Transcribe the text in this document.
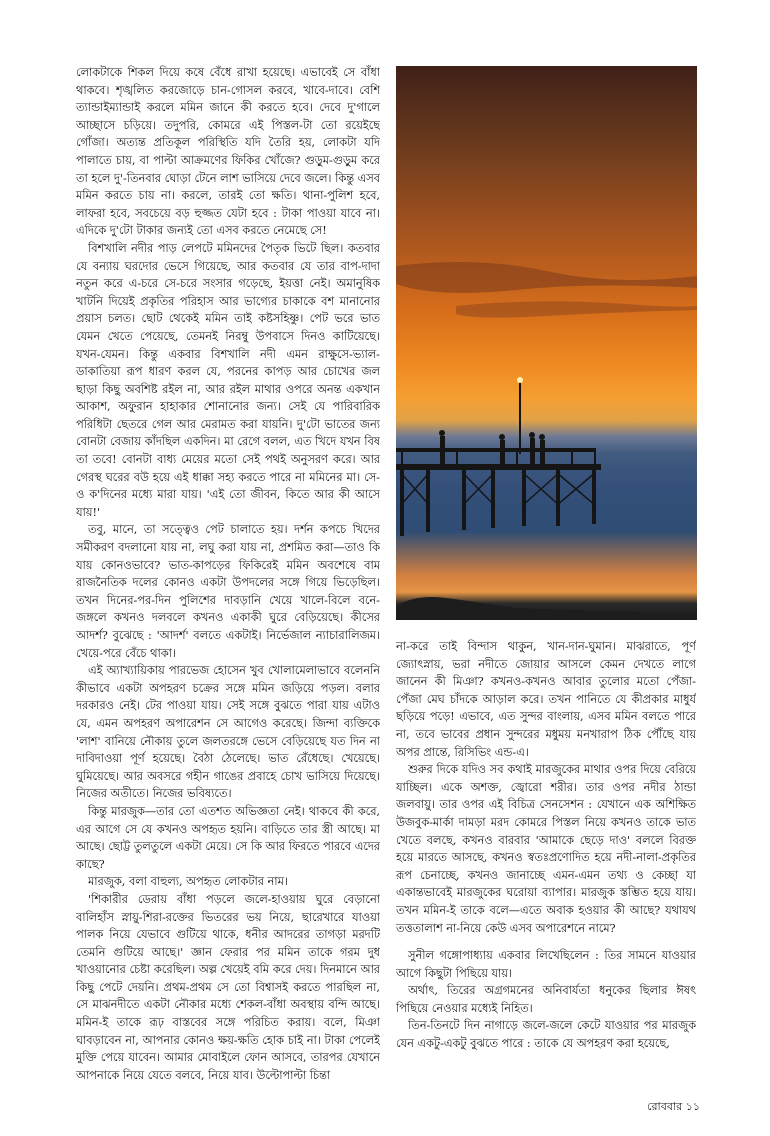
লোকটাকে শিকল দিয়ে কষে বেঁধে রাখা হয়েছে। এভাবেই সে বাঁধা থাকবে। শৃঙ্খলিত করজোড়ে চান-গোসল করবে, খাবে-দাবে। বেশি ত্যান্ডাইম্যান্ডাই করলে মমিন জানে কী করতে হবে। দেবে দু'গালে আচ্ছাসে চড়িয়ে। তদুপরি, কোমরে এই পিস্তল-টা তো রয়েইছে গোঁজা। অত্যন্ত প্রতিকূল পরিস্থিতি যদি তৈরি হয়, লোকটা যদি পালাতে চায়, বা পাল্টা আক্রমণের ফিকির খোঁজে? গুড়ুম-গুড়ুম করে তা হলে দু'-তিনবার ঘোড়া টেনে লাশ ভাসিয়ে দেবে জলে। কিন্তু এসব মমিন করতে চায় না। করলে, তারই তো ক্ষতি। থানা-পুলিশ হবে, লাফরা হবে, সবচেয়ে বড় হুজ্জত যেটা হবে : টাকা পাওয়া যাবে না। এদিকে দু'টো টাকার জন্যই তো এসব করতে নেমেছে সে!

বিশখালি নদীর পাড় লেপটে মমিনদের পৈতৃক ভিটে ছিল। কতবার যে বন্যায় ঘরদোর ভেসে গিয়েছে, আর কতবার যে তার বাপ-দাদা নতুন করে এ-চরে সে-চরে সংসার গড়েছে, ইয়ত্তা নেই। অমানুষিক খাটনি দিয়েই প্রকৃতির পরিহাস আর ভাগ্যের চাকাকে বশ মানানোর প্রয়াস চলত। ছোট থেকেই মমিন তাই কষ্টসহিষ্ণু। পেট ভরে ভাত যেমন খেতে পেয়েছে, তেমনই নিরম্বু উপবাসে দিনও কাটিয়েছে। যখন-যেমন। কিন্তু একবার বিশখালি নদী এমন রাক্ষুসে-ভ্যাল-ডাকাতিয়া রূপ ধারণ করল যে, পরনের কাপড় আর চোখের জল ছাড়া কিছু অবশিষ্ট রইল না, আর রইল মাথার ওপরে অনন্ত একখান আকাশ, অফুরান হাহাকার শোনানোর জন্য। সেই যে পারিবারিক পরিধিটা ছেতরে গেল আর মেরামত করা যায়নি। দু'টো ভাতের জন্য বোনটা বেজায় কাঁদছিল একদিন। মা রেগে বলল, এত খিদে যখন বিষ তা তবে! বোনটা বাধ্য মেয়ের মতো সেই পথই অনুসরণ করে। আর গেরস্থ ঘরের বউ হয়ে এই ধাক্কা সহ্য করতে পারে না মমিনের মা। সে-ও ক'দিনের মধ্যে মারা যায়। 'এই তো জীবন, কিতে আর কী আসে যায়!'

তবু, মানে, তা সত্ত্বেও পেট চালাতে হয়। দর্শন কপচে খিদের সমীকরণ বদলানো যায় না, লঘু করা যায় না, প্রশমিত করা—তাও কি যায় কোনওভাবে? ভাত-কাপড়ের ফিকিরেই মমিন অবশেষে বাম রাজনৈতিক দলের কোনও একটা উপদলের সঙ্গে গিয়ে ভিড়েছিল। তখন দিনের-পর-দিন পুলিশের দাবড়ানি খেয়ে খালে-বিলে বনে-জঙ্গলে কখনও দলবলে কখনও একাকী ঘুরে বেড়িয়েছে। কীসের আদর্শ? বুঝেছে : 'আদর্শ' বলতে একটাই। নির্ভেজাল ন্যাচারালিজম। খেয়ে-পরে বেঁচে থাকা।

এই অ্যাখ্যায়িকায় পারভেজ হোসেন খুব খোলামেলাভাবে বলেননি কীভাবে একটা অপহরণ চক্রের সঙ্গে মমিন জড়িয়ে পড়ল। বলার দরকারও নেই। টের পাওয়া যায়। সেই সঙ্গে বুঝতে পারা যায় এটাও যে, এমন অপহরণ অপারেশন সে আগেও করেছে। জিন্দা ব্যক্তিকে 'লাশ' বানিয়ে নৌকায় তুলে জলতরঙ্গে ভেসে বেড়িয়েছে যত দিন না দাবিদাওয়া পূর্ণ হয়েছে। বৈঠা ঠেলেছে। ভাত রেঁধেছে। খেয়েছে। ঘুমিয়েছে। আর অবসরে গহীন গাঙের প্রবাহে চোখ ভাসিয়ে দিয়েছে। নিজের অতীতে। নিজের ভবিষ্যতে।

কিন্তু মারজুক—তার তো এতশত অভিজ্ঞতা নেই। থাকবে কী করে, এর আগে সে যে কখনও অপহৃত হয়নি। বাড়িতে তার স্ত্রী আছে। মা আছে। ছোট্ট তুলতুলে একটা মেয়ে। সে কি আর ফিরতে পারবে এদের কাছে?

মারজুক, বলা বাহুল্য, অপহৃত লোকটার নাম।

'শিকারীর ডেরায় বাঁধা পড়লে জলে-হাওয়ায় ঘুরে বেড়ানো বালিহাঁস স্নায়ু-শিরা-রক্তের ভিতরের ভয় নিয়ে, ছারেখারে যাওয়া পালক নিয়ে যেভাবে গুটিয়ে থাকে, ধনীর আদরের তাগড়া মরদটি তেমনি গুটিয়ে আছে।' জ্ঞান ফেরার পর মমিন তাকে গরম দুধ খাওয়ানোর চেষ্টা করেছিল। অল্প খেয়েই বমি করে দেয়। দিনমানে আর কিছু পেটে দেয়নি। প্রথম-প্রথম সে তো বিশ্বাসই করতে পারছিল না, সে মাঝনদীতে একটা নৌকার মধ্যে শেকল-বাঁধা অবস্থায় বন্দি আছে। মমিন-ই তাকে রূঢ় বাস্তবের সঙ্গে পরিচিত করায়। বলে, মিঞা ঘাবড়াবেন না, আপনার কোনও ক্ষয়-ক্ষতি হোক চাই না। টাকা পেলেই মুক্তি পেয়ে যাবেন। আমার মোবাইলে ফোন আসবে, তারপর যেখানে আপনাকে নিয়ে যেতে বলবে, নিয়ে যাব। উল্টোপাল্টা চিন্তা

না-করে তাই বিন্দাস থাকুন, খান-দান-ঘুমান। মাঝরাতে, পূর্ণ জ্যোৎস্নায়, ভরা নদীতে জোয়ার আসলে কেমন দেখতে লাগে জানেন কী মিঞা? কখনও-কখনও আবার তুলোর মতো পেঁজা-পেঁজা মেঘ চাঁদকে আড়াল করে। তখন পানিতে যে কীপ্রকার মাধুর্য ছড়িয়ে পড়ে! এভাবে, এত সুন্দর বাংলায়, এসব মমিন বলতে পারে না, তবে ভাবের প্রধান সুন্দরের মধুময় মনখারাপ ঠিক পৌঁছে যায় অপর প্রান্তে, রিসিভিং এন্ড-এ।

শুরুর দিকে যদিও সব কথাই মারজুকের মাথার ওপর দিয়ে বেরিয়ে যাচ্ছিল। একে অশক্ত, জ্বোরো শরীর। তার ওপর নদীর ঠান্ডা জলবায়ু। তার ওপর এই বিচিত্র সেনসেশন : যেখানে এক অশিক্ষিত উজবুক-মার্কা দামড়া মরদ কোমরে পিস্তল নিয়ে কখনও তাকে ভাত খেতে বলছে, কখনও বারবার 'আমাকে ছেড়ে দাও' বললে বিরক্ত হয়ে মারতে আসছে, কখনও স্বতঃপ্রণোদিত হয়ে নদী-নালা-প্রকৃতির রূপ চেনাচ্ছে, কখনও জানাচ্ছে এমন-এমন তথ্য ও কেচ্ছা যা একান্তভাবেই মারজুকের ঘরোয়া ব্যাপার। মারজুক স্তম্ভিত হয়ে যায়। তখন মমিন-ই তাকে বলে—এতে অবাক হওয়ার কী আছে? যথাযথ তত্ততালাশ না-নিয়ে কেউ এসব অপারেশনে নামে?

সুনীল গঙ্গোপাধ্যায় একবার লিখেছিলেন : তির সামনে যাওয়ার আগে কিছুটা পিছিয়ে যায়।

অর্থাৎ, তিরের অগ্রগমনের অনিবার্যতা ধনুকের ছিলার ঈষৎ পিছিয়ে নেওয়ার মধ্যেই নিহিত।

তিন-তিনটে দিন নাগাড়ে জলে-জলে কেটে যাওয়ার পর মারজুক যেন একটু-একটু বুঝতে পারে : তাকে যে অপহরণ করা হয়েছে,

রোববার ১১
